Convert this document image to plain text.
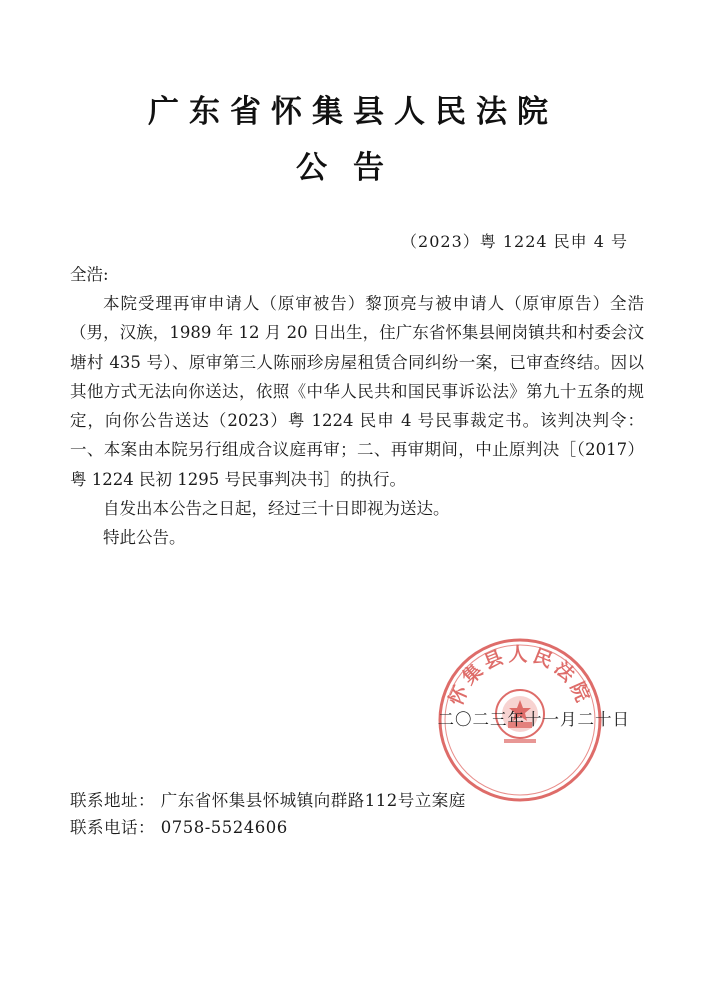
广东省怀集县人民法院
公告
（2023）粤 1224 民申 4 号
全浩:

本院受理再审申请人（原审被告）黎顶亮与被申请人（原审原告）全浩（男，汉族，1989 年 12 月 20 日出生，住广东省怀集县闸岗镇共和村委会汶塘村 435 号）、原审第三人陈丽珍房屋租赁合同纠纷一案，已审查终结。因以其他方式无法向你送达，依照《中华人民共和国民事诉讼法》第九十五条的规定，向你公告送达（2023）粤 1224 民申 4 号民事裁定书。该判决判令：一、本案由本院另行组成合议庭再审；二、再审期间，中止原判决［（2017）粤 1224 民初 1295 号民事判决书］的执行。

自发出本公告之日起，经过三十日即视为送达。

特此公告。

怀集县人民法院
二〇二三年十一月二十日
联系地址： 广东省怀集县怀城镇向群路112号立案庭
联系电话： 0758-5524606
